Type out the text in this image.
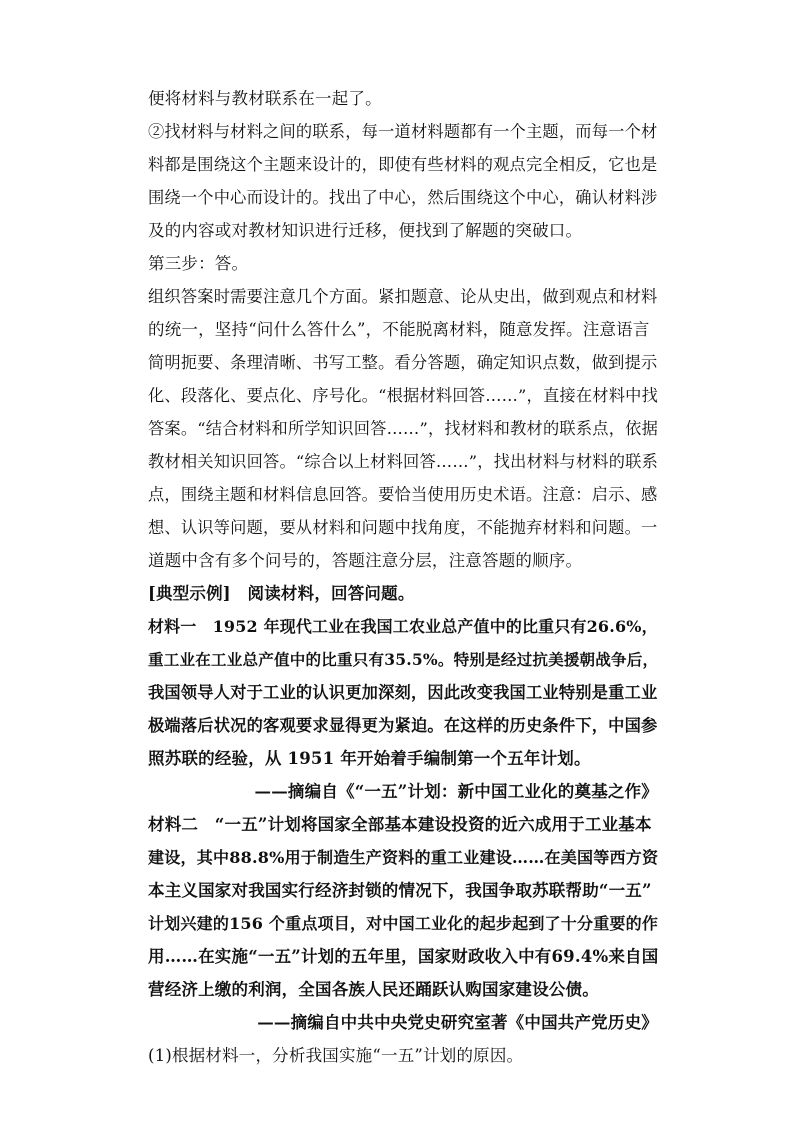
便将材料与教材联系在一起了。
②找材料与材料之间的联系，每一道材料题都有一个主题，而每一个材
料都是围绕这个主题来设计的，即使有些材料的观点完全相反，它也是
围绕一个中心而设计的。找出了中心，然后围绕这个中心，确认材料涉
及的内容或对教材知识进行迁移，便找到了解题的突破口。
第三步：答。
组织答案时需要注意几个方面。紧扣题意、论从史出，做到观点和材料
的统一，坚持“问什么答什么”，不能脱离材料，随意发挥。注意语言
简明扼要、条理清晰、书写工整。看分答题，确定知识点数，做到提示
化、段落化、要点化、序号化。“根据材料回答……”，直接在材料中找
答案。“结合材料和所学知识回答……”，找材料和教材的联系点，依据
教材相关知识回答。“综合以上材料回答……”，找出材料与材料的联系
点，围绕主题和材料信息回答。要恰当使用历史术语。注意：启示、感
想、认识等问题，要从材料和问题中找角度，不能抛弃材料和问题。一
道题中含有多个问号的，答题注意分层，注意答题的顺序。
[典型示例]　阅读材料，回答问题。
材料一　1952 年现代工业在我国工农业总产值中的比重只有26.6%，
重工业在工业总产值中的比重只有35.5%。特别是经过抗美援朝战争后，
我国领导人对于工业的认识更加深刻，因此改变我国工业特别是重工业
极端落后状况的客观要求显得更为紧迫。在这样的历史条件下，中国参
照苏联的经验，从 1951 年开始着手编制第一个五年计划。
——摘编自《“一五”计划：新中国工业化的奠基之作》
材料二　“一五”计划将国家全部基本建设投资的近六成用于工业基本
建设，其中88.8%用于制造生产资料的重工业建设……在美国等西方资
本主义国家对我国实行经济封锁的情况下，我国争取苏联帮助“一五”
计划兴建的156 个重点项目，对中国工业化的起步起到了十分重要的作
用……在实施“一五”计划的五年里，国家财政收入中有69.4%来自国
营经济上缴的利润，全国各族人民还踊跃认购国家建设公债。
——摘编自中共中央党史研究室著《中国共产党历史》
(1)根据材料一，分析我国实施“一五”计划的原因。
